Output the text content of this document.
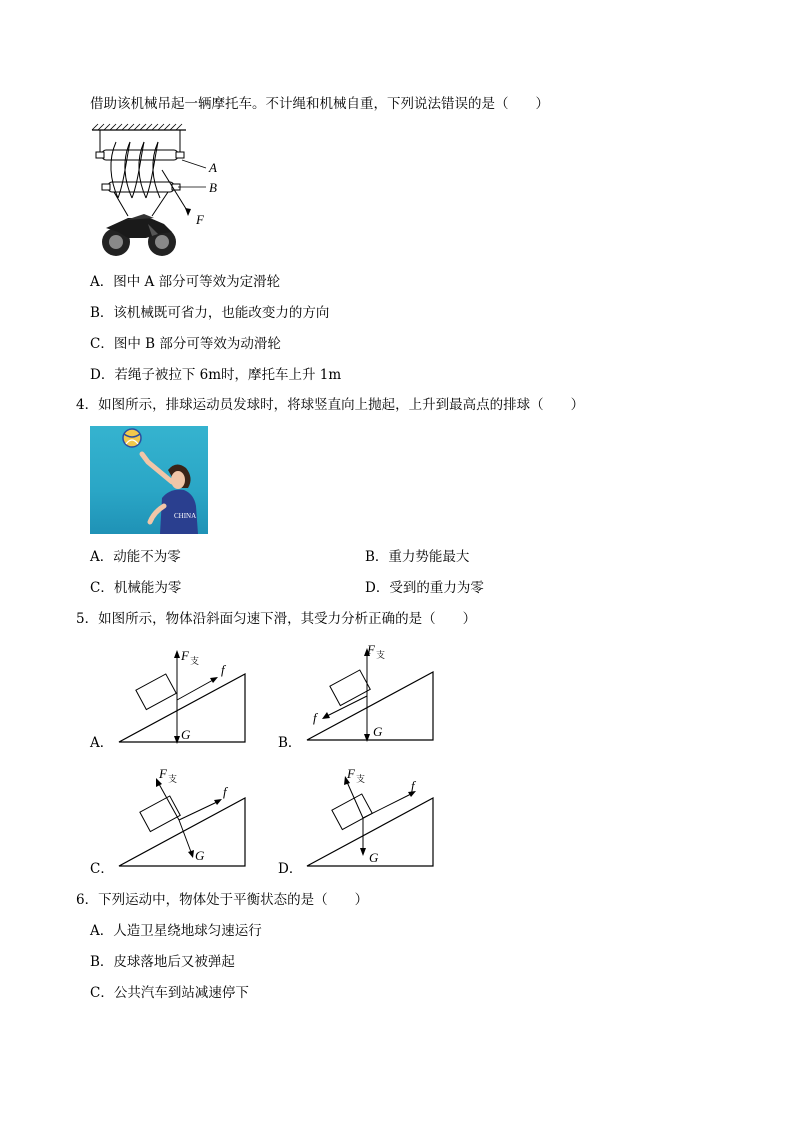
借助该机械吊起一辆摩托车。不计绳和机械自重，下列说法错误的是（　　）
A
B
F
A．图中 A 部分可等效为定滑轮
B．该机械既可省力，也能改变力的方向
C．图中 B 部分可等效为动滑轮
D．若绳子被拉下 6m时，摩托车上升 1m
4．如图所示，排球运动员发球时，将球竖直向上抛起，上升到最高点的排球（　　）
CHINA
A．动能不为零	B．重力势能最大
C．机械能为零	D．受到的重力为零
5．如图所示，物体沿斜面匀速下滑，其受力分析正确的是（　　）
A．
F 支
f
G
B．
F 支
f
G
C．
F 支
f
G
D．
F 支	f
G
6．下列运动中，物体处于平衡状态的是（　　）
A．人造卫星绕地球匀速运行
B．皮球落地后又被弹起
C．公共汽车到站减速停下
